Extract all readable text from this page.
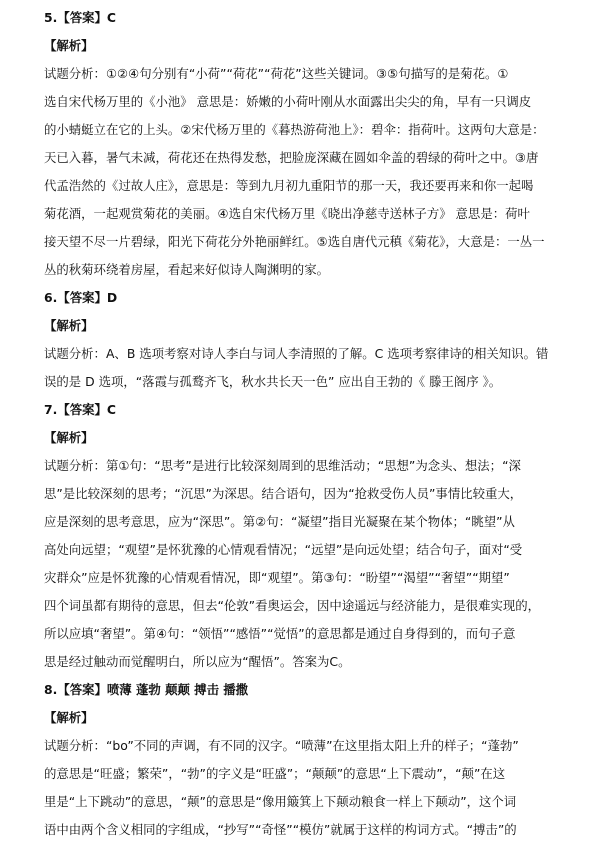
5.【答案】C
【解析】
试题分析：①②④句分别有“小荷”“荷花”“荷花”这些关键词。③⑤句描写的是菊花。①
选自宋代杨万里的《小池》 意思是：娇嫩的小荷叶刚从水面露出尖尖的角，早有一只调皮
的小蜻蜓立在它的上头。②宋代杨万里的《暮热游荷池上》：碧伞：指荷叶。这两句大意是：
天已入暮，暑气未减，荷花还在热得发愁，把脸庞深藏在圆如伞盖的碧绿的荷叶之中。③唐
代孟浩然的《过故人庄》，意思是：等到九月初九重阳节的那一天，我还要再来和你一起喝
菊花酒，一起观赏菊花的美丽。④选自宋代杨万里《晓出净慈寺送林子方》 意思是：荷叶
接天望不尽一片碧绿，阳光下荷花分外艳丽鲜红。⑤选自唐代元稹《菊花》，大意是：一丛一
丛的秋菊环绕着房屋，看起来好似诗人陶渊明的家。
6.【答案】D
【解析】
试题分析：A、B 选项考察对诗人李白与词人李清照的了解。C 选项考察律诗的相关知识。错
误的是 D 选项，“落霞与孤鹜齐飞，秋水共长天一色” 应出自王勃的《 滕王阁序 》。
7.【答案】C
【解析】
试题分析：第①句：“思考”是进行比较深刻周到的思维活动；“思想”为念头、想法；“深
思”是比较深刻的思考；“沉思”为深思。结合语句，因为“抢救受伤人员”事情比较重大，
应是深刻的思考意思，应为“深思”。第②句：“凝望”指目光凝聚在某个物体；“眺望”从
高处向远望；“观望”是怀犹豫的心情观看情况；“远望”是向远处望；结合句子，面对“受
灾群众”应是怀犹豫的心情观看情况，即“观望”。第③句：“盼望”“渴望”“奢望”“期望”
四个词虽都有期待的意思，但去“伦敦”看奥运会，因中途遥远与经济能力，是很难实现的，
所以应填“奢望”。第④句：“领悟”“感悟”“觉悟”的意思都是通过自身得到的，而句子意
思是经过触动而觉醒明白，所以应为“醒悟”。答案为C。
8.【答案】喷薄 蓬勃 颠颠 搏击 播撒
【解析】
试题分析：“bo”不同的声调，有不同的汉字。“喷薄”在这里指太阳上升的样子；“蓬勃”
的意思是“旺盛；繁荣”，“勃”的字义是“旺盛”；“颠颠”的意思“上下震动”，“颠”在这
里是“上下跳动”的意思，“颠”的意思是“像用簸箕上下颠动粮食一样上下颠动”，这个词
语中由两个含义相同的字组成，“抄写”“奇怪”“模仿”就属于这样的构词方式。“搏击”的
